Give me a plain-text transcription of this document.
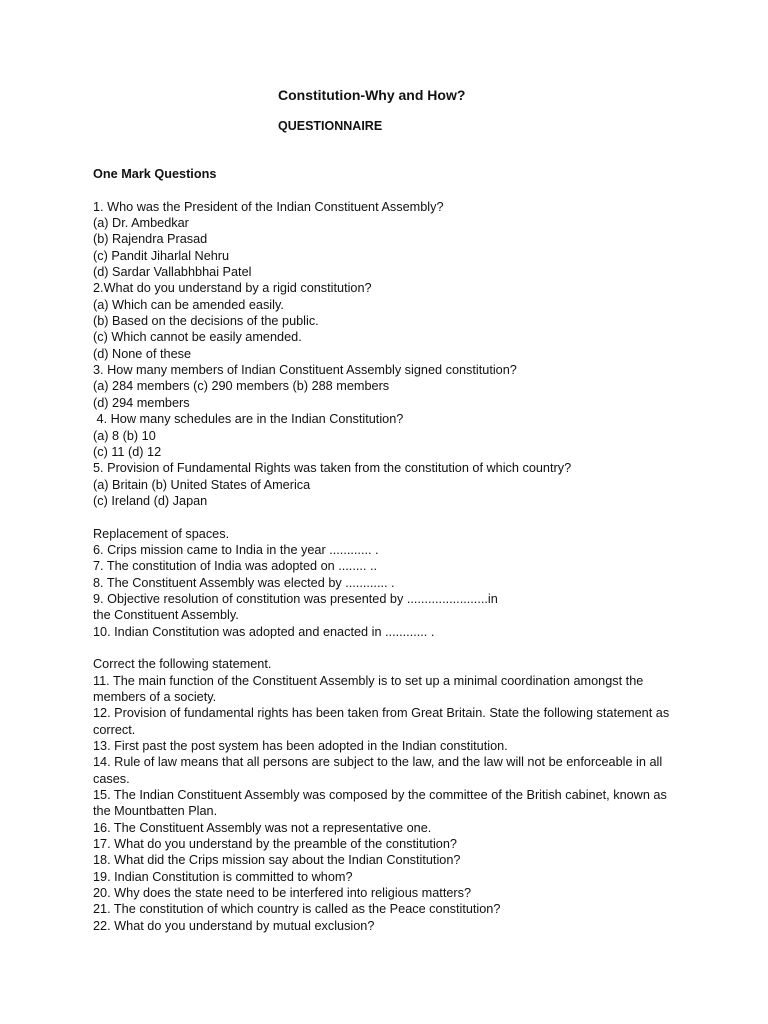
Constitution-Why and How?
QUESTIONNAIRE
One Mark Questions
1. Who was the President of the Indian Constituent Assembly?
(a) Dr. Ambedkar
(b) Rajendra Prasad
(c) Pandit Jiharlal Nehru
(d) Sardar Vallabhbhai Patel
2.What do you understand by a rigid constitution?
(a) Which can be amended easily.
(b) Based on the decisions of the public.
(c) Which cannot be easily amended.
(d) None of these
3. How many members of Indian Constituent Assembly signed constitution?
(a) 284 members (c) 290 members (b) 288 members
(d) 294 members
4. How many schedules are in the Indian Constitution?
(a) 8 (b) 10
(c) 11 (d) 12
5. Provision of Fundamental Rights was taken from the constitution of which country?
(a) Britain (b) United States of America
(c) Ireland (d) Japan
Replacement of spaces.
6. Crips mission came to India in the year ............ .
7. The constitution of India was adopted on ........ ..
8. The Constituent Assembly was elected by ............ .
9. Objective resolution of constitution was presented by .......................in
the Constituent Assembly.
10. Indian Constitution was adopted and enacted in ............ .
Correct the following statement.
11. The main function of the Constituent Assembly is to set up a minimal coordination amongst the members of a society.
12. Provision of fundamental rights has been taken from Great Britain. State the following statement as correct.
13. First past the post system has been adopted in the Indian constitution.
14. Rule of law means that all persons are subject to the law, and the law will not be enforceable in all cases.
15. The Indian Constituent Assembly was composed by the committee of the British cabinet, known as the Mountbatten Plan.
16. The Constituent Assembly was not a representative one.
17. What do you understand by the preamble of the constitution?
18. What did the Crips mission say about the Indian Constitution?
19. Indian Constitution is committed to whom?
20. Why does the state need to be interfered into religious matters?
21. The constitution of which country is called as the Peace constitution?
22. What do you understand by mutual exclusion?
